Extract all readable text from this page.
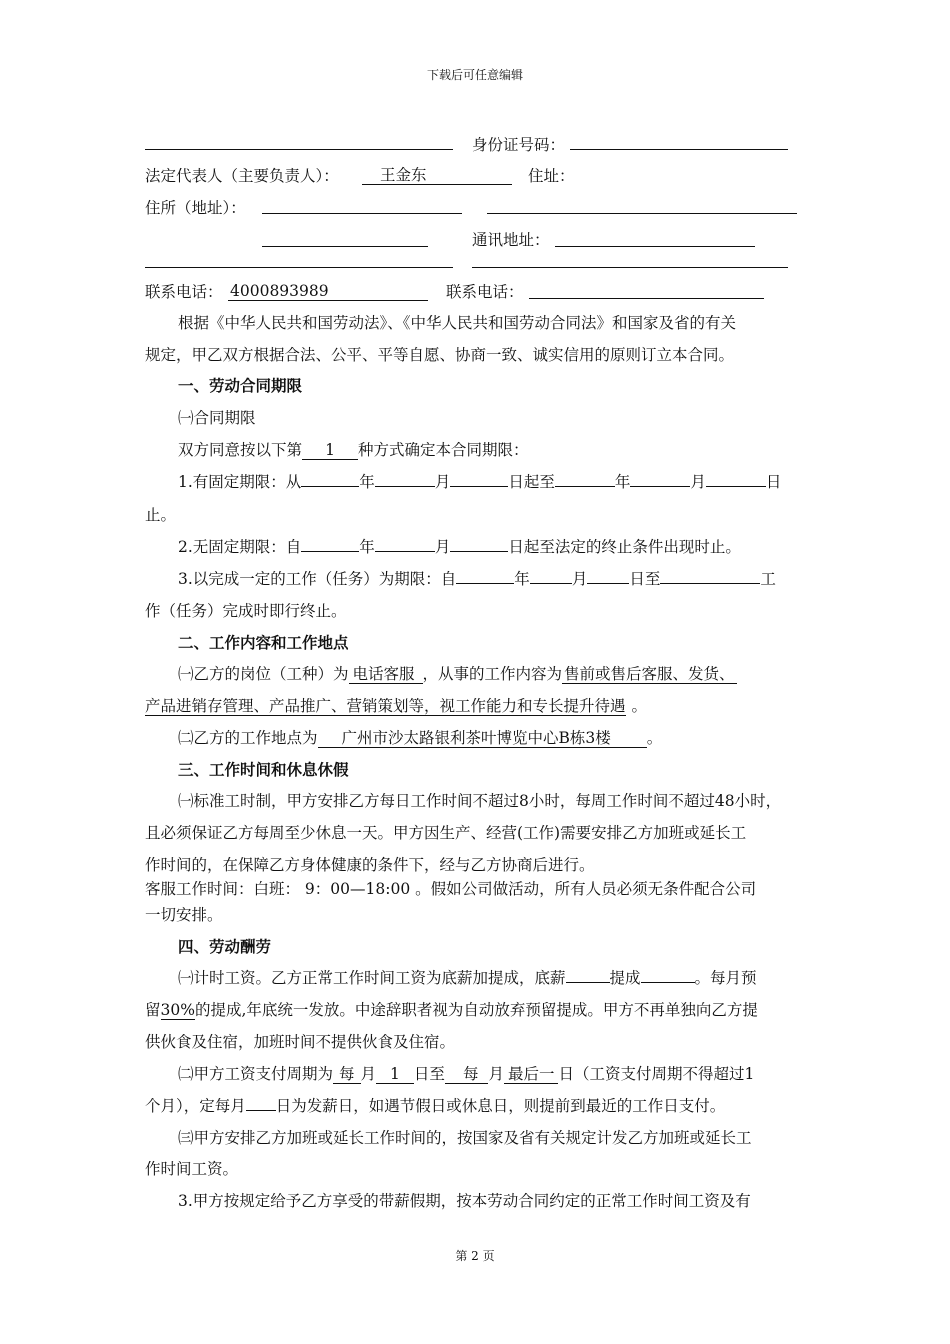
下载后可任意编辑
身份证号码：
法定代表人（主要负责人）：	王金东	住址：
住所（地址）：
通讯地址：
联系电话： 4000893989	联系电话：
根据《中华人民共和国劳动法》、《中华人民共和国劳动合同法》和国家及省的有关
规定，甲乙双方根据合法、公平、平等自愿、协商一致、诚实信用的原则订立本合同。
一、劳动合同期限
㈠合同期限
双方同意按以下第 1 种方式确定本合同期限：
1.有固定期限：从	年	月	日起至	年	月	日
止。
2.无固定期限：自	年	月	日起至法定的终止条件出现时止。
3.以完成一定的工作（任务）为期限：自	年	月	日至	工
作（任务）完成时即行终止。
二、工作内容和工作地点
㈠乙方的岗位（工种）为 电话客服 ，从事的工作内容为 售前或售后客服、发货、
产品进销存管理、产品推广、营销策划等，视工作能力和专长提升待遇 。
㈡乙方的工作地点为 广州市沙太路银利茶叶博览中心B栋3楼 。
三、工作时间和休息休假
㈠标准工时制，甲方安排乙方每日工作时间不超过8小时，每周工作时间不超过48小时，
且必须保证乙方每周至少休息一天。甲方因生产、经营(工作)需要安排乙方加班或延长工
作时间的，在保障乙方身体健康的条件下，经与乙方协商后进行。
客服工作时间：白班： 9：00—18:00 。假如公司做活动，所有人员必须无条件配合公司
一切安排。
四、劳动酬劳
㈠计时工资。乙方正常工作时间工资为底薪加提成，底薪	提成	。每月预
留30%的提成,年底统一发放。中途辞职者视为自动放弃预留提成。甲方不再单独向乙方提
供伙食及住宿，加班时间不提供伙食及住宿。
㈡甲方工资支付周期为 每 月 1 日至 每 月 最后一 日（工资支付周期不得超过1
个月），定每月 日为发薪日，如遇节假日或休息日，则提前到最近的工作日支付。
㈢甲方安排乙方加班或延长工作时间的，按国家及省有关规定计发乙方加班或延长工
作时间工资。
3.甲方按规定给予乙方享受的带薪假期，按本劳动合同约定的正常工作时间工资及有
第 2 页
